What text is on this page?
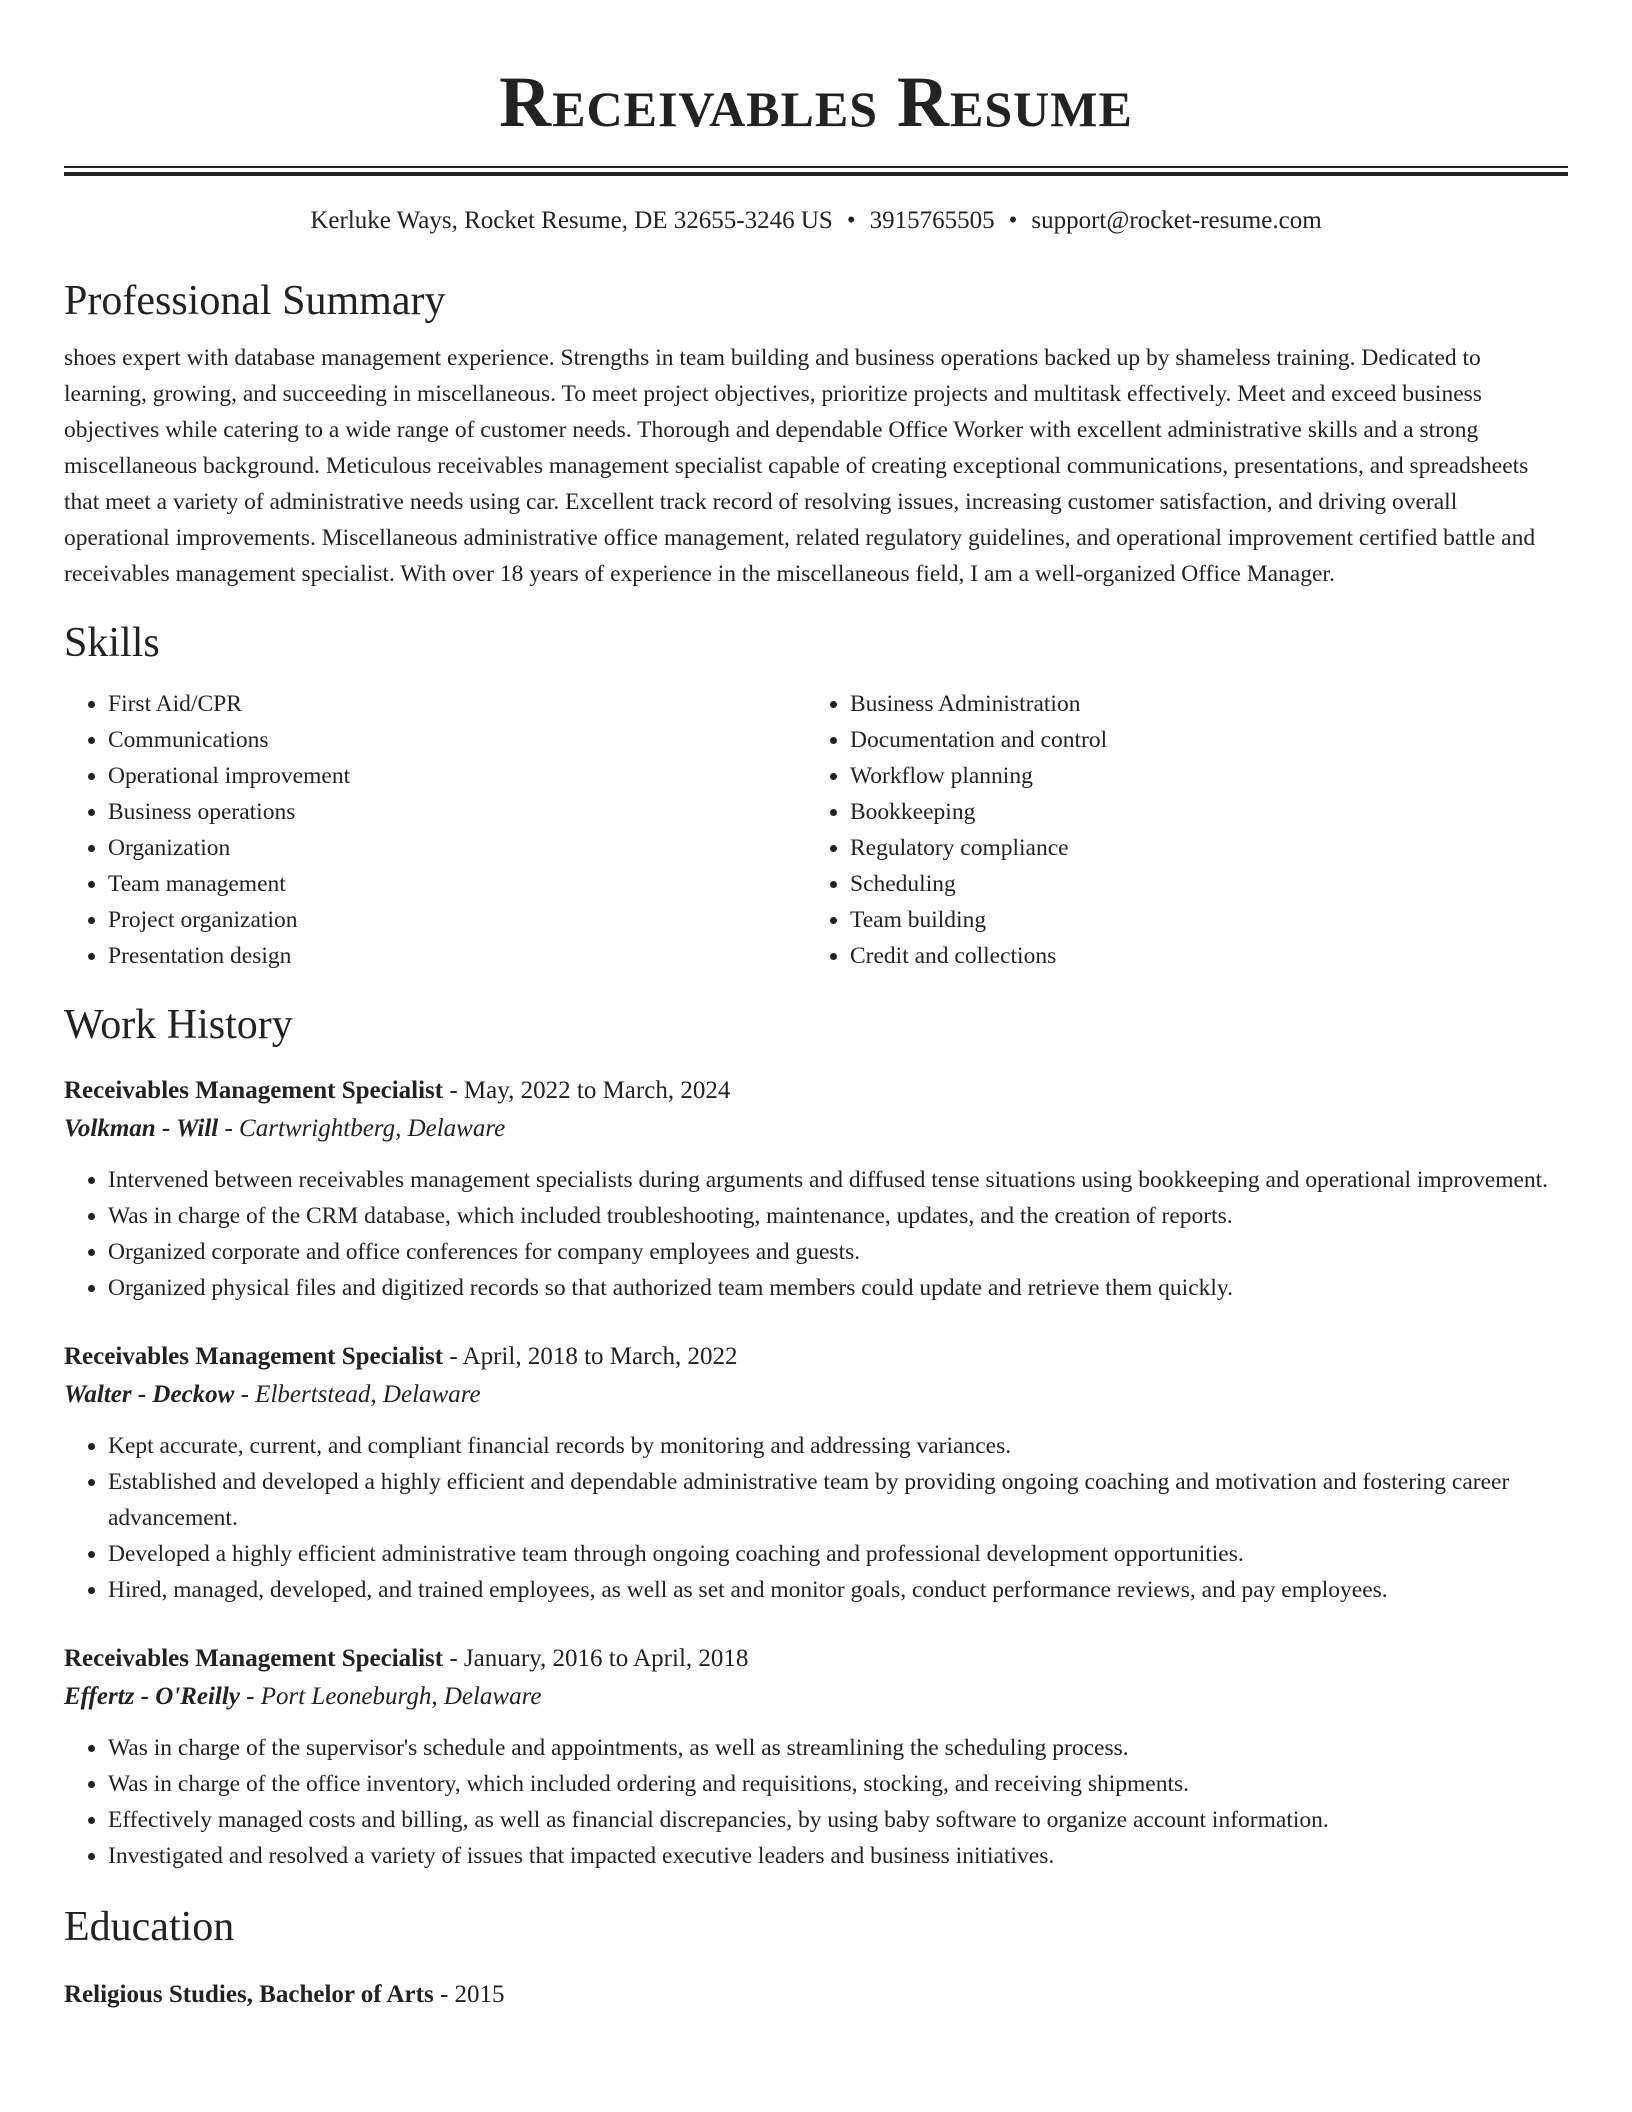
Receivables Resume
Kerluke Ways, Rocket Resume, DE 32655-3246 US • 3915765505 • support@rocket-resume.com
Professional Summary
shoes expert with database management experience. Strengths in team building and business operations backed up by shameless training. Dedicated to learning, growing, and succeeding in miscellaneous. To meet project objectives, prioritize projects and multitask effectively. Meet and exceed business objectives while catering to a wide range of customer needs. Thorough and dependable Office Worker with excellent administrative skills and a strong miscellaneous background. Meticulous receivables management specialist capable of creating exceptional communications, presentations, and spreadsheets that meet a variety of administrative needs using car. Excellent track record of resolving issues, increasing customer satisfaction, and driving overall operational improvements. Miscellaneous administrative office management, related regulatory guidelines, and operational improvement certified battle and receivables management specialist. With over 18 years of experience in the miscellaneous field, I am a well-organized Office Manager.
Skills
• First Aid/CPR
• Communications
• Operational improvement
• Business operations
• Organization
• Team management
• Project organization
• Presentation design
• Business Administration
• Documentation and control
• Workflow planning
• Bookkeeping
• Regulatory compliance
• Scheduling
• Team building
• Credit and collections
Work History
Receivables Management Specialist - May, 2022 to March, 2024
Volkman - Will - Cartwrightberg, Delaware
• Intervened between receivables management specialists during arguments and diffused tense situations using bookkeeping and operational improvement.
• Was in charge of the CRM database, which included troubleshooting, maintenance, updates, and the creation of reports.
• Organized corporate and office conferences for company employees and guests.
• Organized physical files and digitized records so that authorized team members could update and retrieve them quickly.
Receivables Management Specialist - April, 2018 to March, 2022
Walter - Deckow - Elbertstead, Delaware
• Kept accurate, current, and compliant financial records by monitoring and addressing variances.
• Established and developed a highly efficient and dependable administrative team by providing ongoing coaching and motivation and fostering career advancement.
• Developed a highly efficient administrative team through ongoing coaching and professional development opportunities.
• Hired, managed, developed, and trained employees, as well as set and monitor goals, conduct performance reviews, and pay employees.
Receivables Management Specialist - January, 2016 to April, 2018
Effertz - O'Reilly - Port Leoneburgh, Delaware
• Was in charge of the supervisor's schedule and appointments, as well as streamlining the scheduling process.
• Was in charge of the office inventory, which included ordering and requisitions, stocking, and receiving shipments.
• Effectively managed costs and billing, as well as financial discrepancies, by using baby software to organize account information.
• Investigated and resolved a variety of issues that impacted executive leaders and business initiatives.
Education
Religious Studies, Bachelor of Arts - 2015
